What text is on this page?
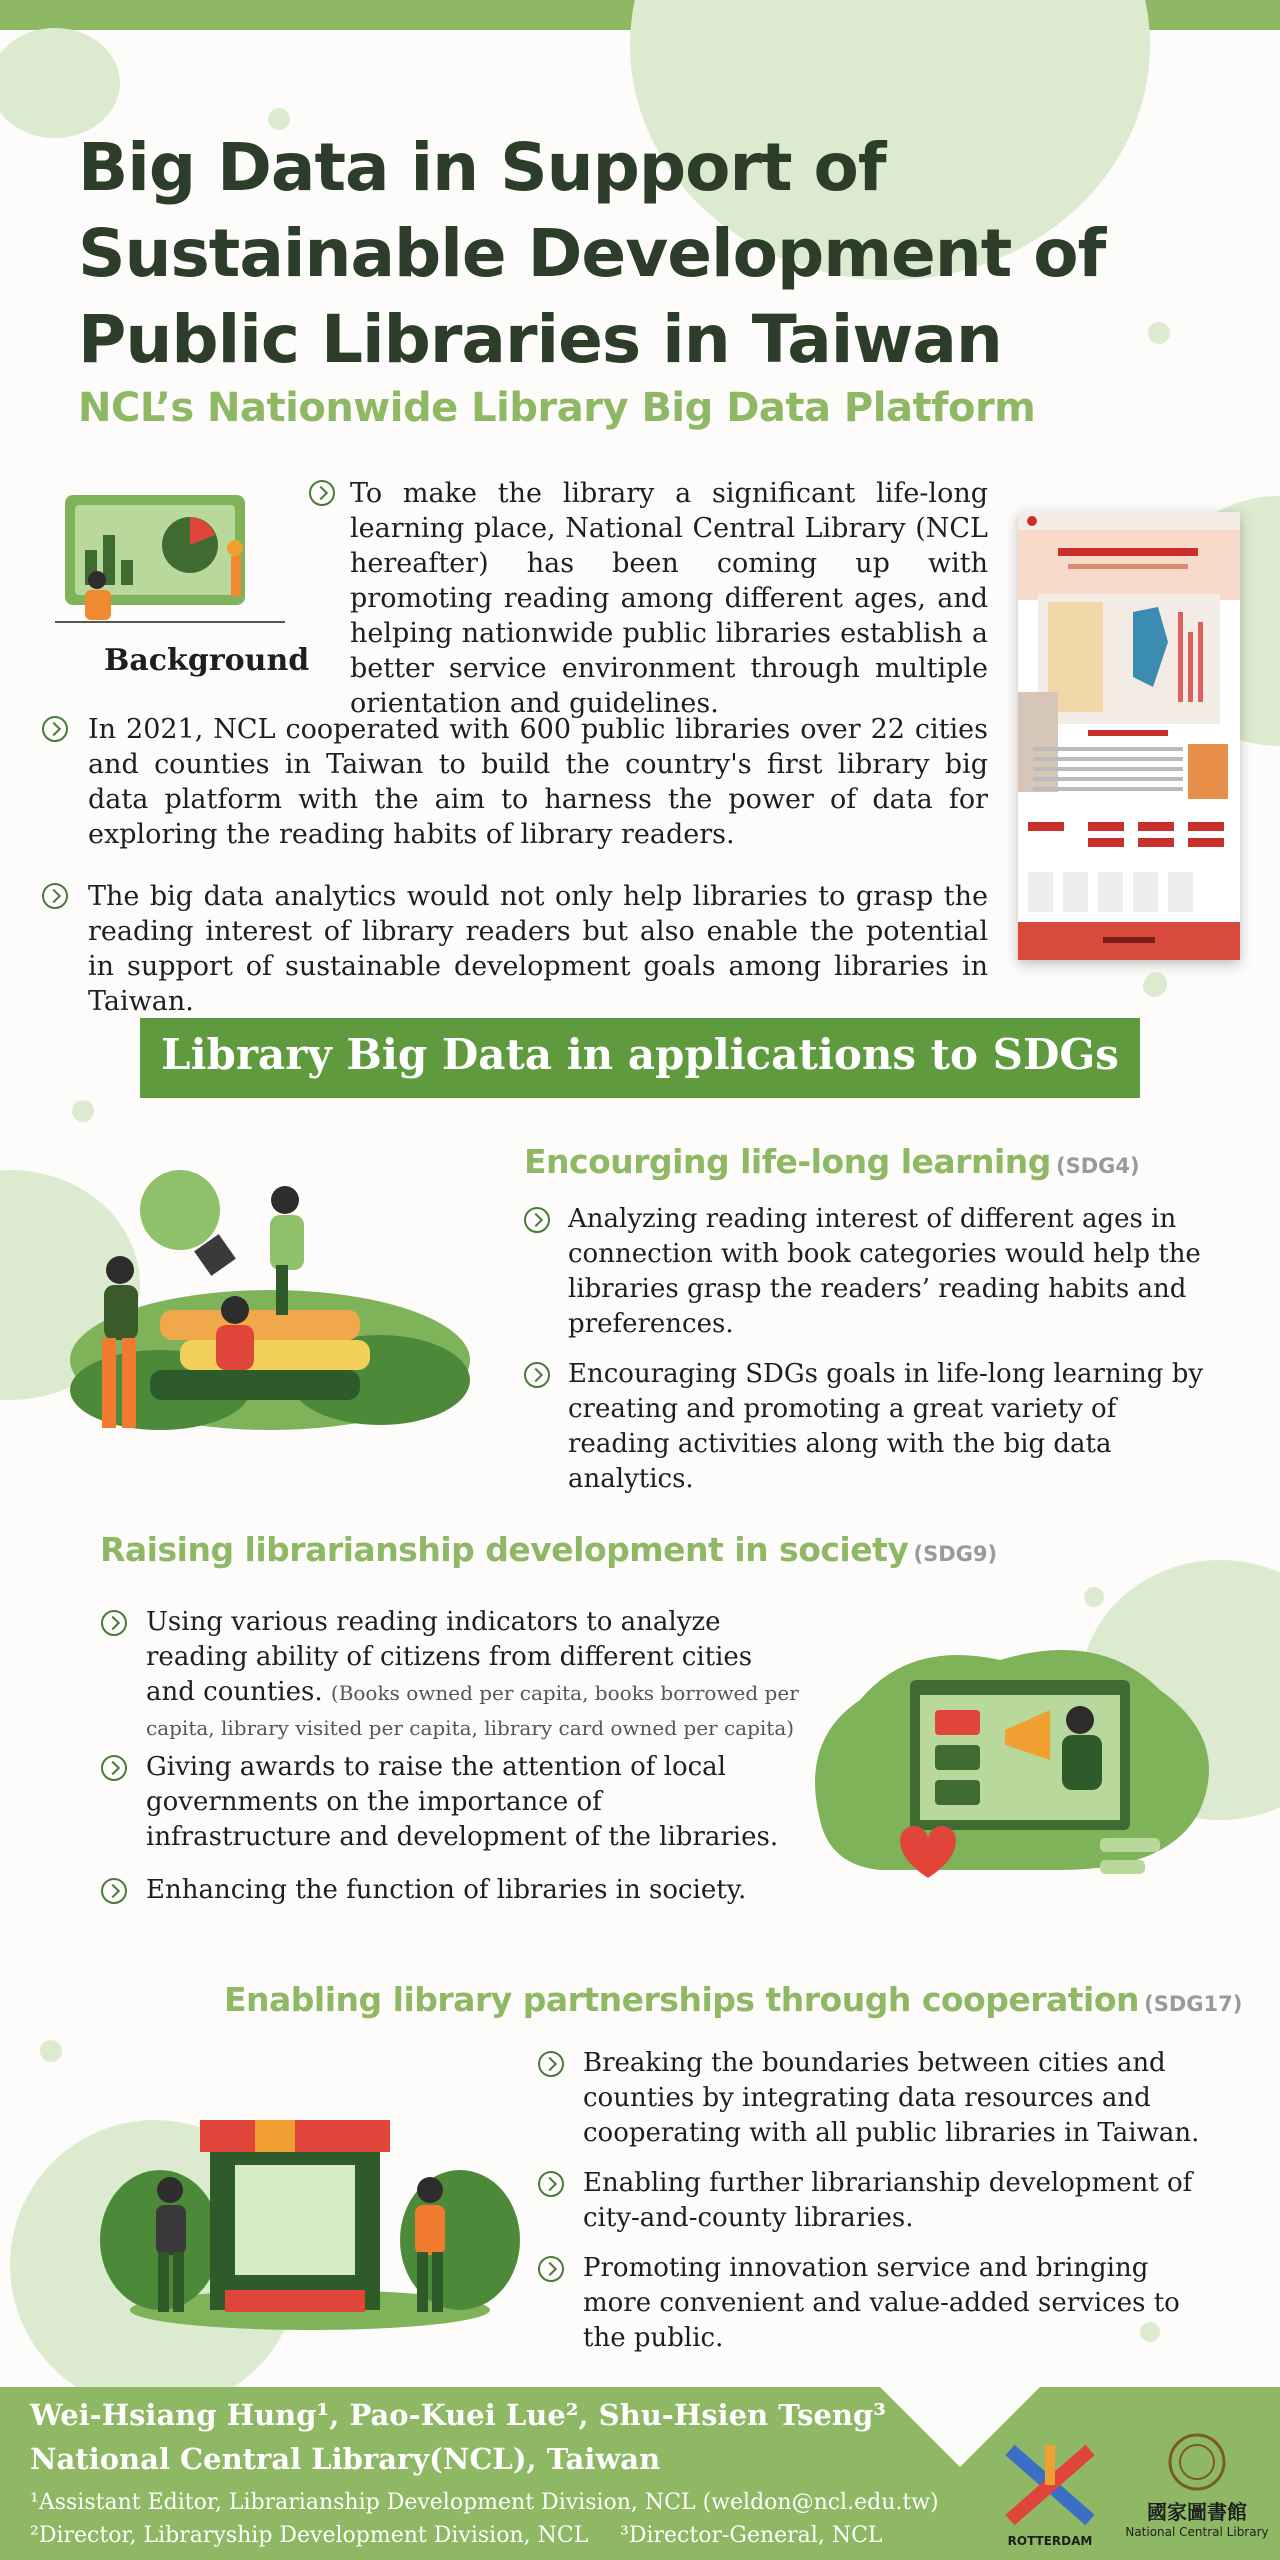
Big Data in Support of Sustainable Development of Public Libraries in Taiwan
NCL’s Nationwide Library Big Data Platform
Background
To make the library a significant life-long learning place, National Central Library (NCL hereafter) has been coming up with promoting reading among different ages, and helping nationwide public libraries establish a better service environment through multiple orientation and guidelines.
In 2021, NCL cooperated with 600 public libraries over 22 cities and counties in Taiwan to build the country's first library big data platform with the aim to harness the power of data for exploring the reading habits of library readers.
The big data analytics would not only help libraries to grasp the reading interest of library readers but also enable the potential in support of sustainable development goals among libraries in Taiwan.
Library Big Data in applications to SDGs
Encourging life-long learning (SDG4)
Analyzing reading interest of different ages in connection with book categories would help the libraries grasp the readers’ reading habits and preferences.
Encouraging SDGs goals in life-long learning by creating and promoting a great variety of reading activities along with the big data analytics.
Raising librarianship development in society (SDG9)
Using various reading indicators to analyze reading ability of citizens from different cities and counties. (Books owned per capita, books borrowed per capita, library visited per capita, library card owned per capita)
Giving awards to raise the attention of local governments on the importance of infrastructure and development of the libraries.
Enhancing the function of libraries in society.
Enabling library partnerships through cooperation (SDG17)
Breaking the boundaries between cities and counties by integrating data resources and cooperating with all public libraries in Taiwan.
Enabling further librarianship development of city-and-county libraries.
Promoting innovation service and bringing more convenient and value-added services to the public.
Wei-Hsiang Hung¹, Pao-Kuei Lue², Shu-Hsien Tseng³
National Central Library(NCL), Taiwan
¹Assistant Editor, Librarianship Development Division, NCL (weldon@ncl.edu.tw)
²Director, Libraryship Development Division, NCL ³Director-General, NCL	ROTTERDAM
國家圖書館
National Central Library
